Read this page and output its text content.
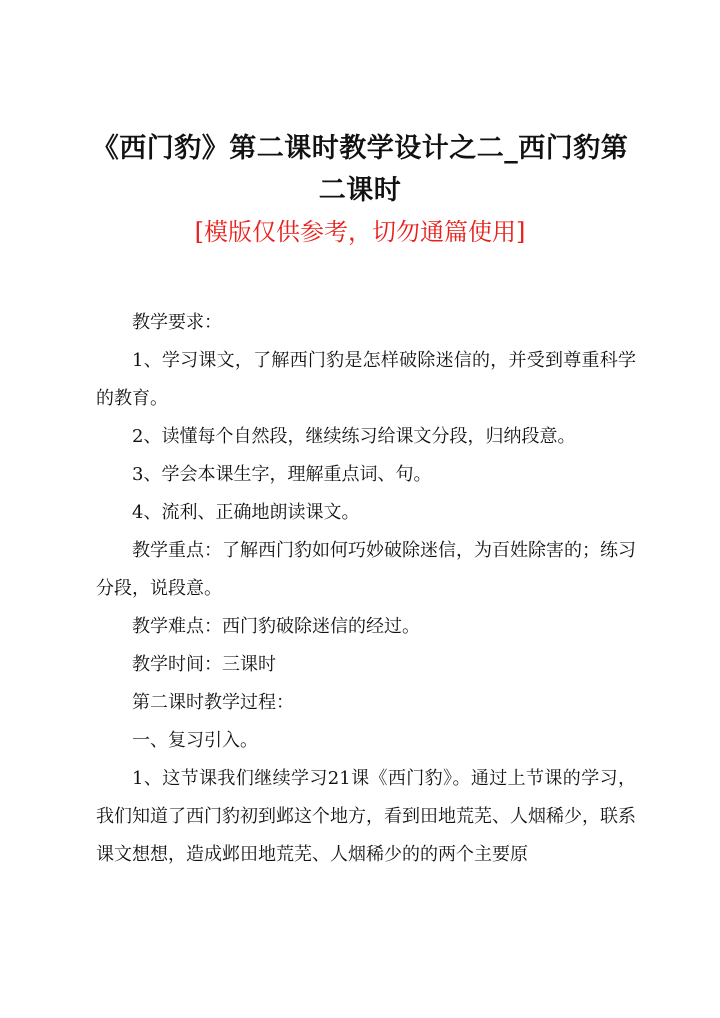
《西门豹》第二课时教学设计之二_西门豹第二课时
[模版仅供参考，切勿通篇使用]

教学要求：

1、学习课文，了解西门豹是怎样破除迷信的，并受到尊重科学的教育。

2、读懂每个自然段，继续练习给课文分段，归纳段意。

3、学会本课生字，理解重点词、句。

4、流利、正确地朗读课文。

教学重点：了解西门豹如何巧妙破除迷信，为百姓除害的；练习分段，说段意。

教学难点：西门豹破除迷信的经过。

教学时间：三课时

第二课时教学过程：

一、复习引入。

1、这节课我们继续学习21课《西门豹》。通过上节课的学习，我们知道了西门豹初到邺这个地方，看到田地荒芜、人烟稀少，联系课文想想，造成邺田地荒芜、人烟稀少的的两个主要原
